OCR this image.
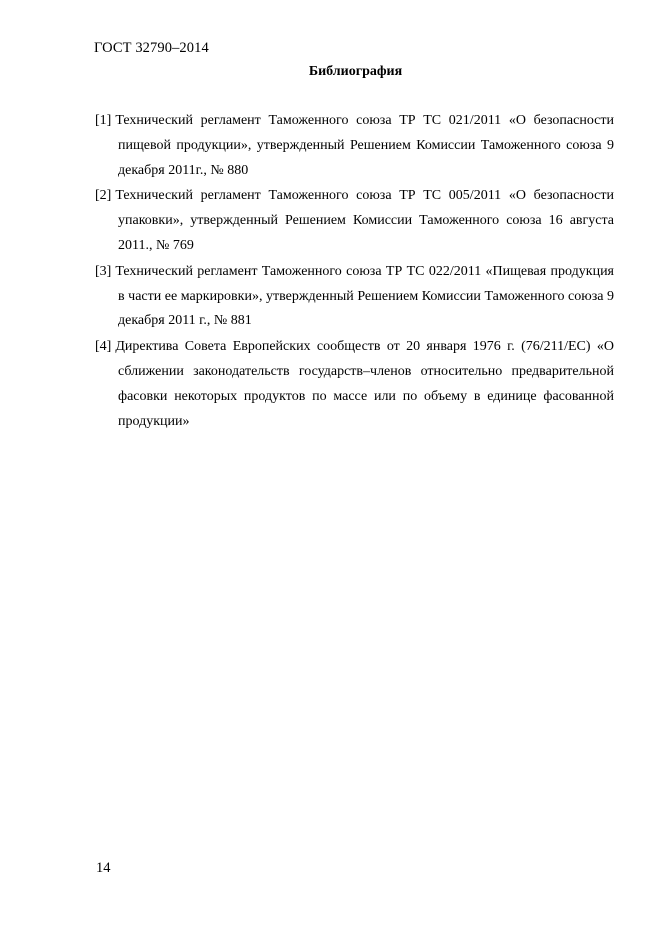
ГОСТ 32790–2014
Библиография
[1] Технический регламент Таможенного союза ТР ТС 021/2011 «О безопасности пищевой продукции», утвержденный Решением Комиссии Таможенного союза 9 декабря 2011г., № 880
[2] Технический регламент Таможенного союза ТР ТС 005/2011 «О безопасности упаковки», утвержденный Решением Комиссии Таможенного союза 16 августа 2011., № 769
[3] Технический регламент Таможенного союза ТР ТС 022/2011 «Пищевая продукция в части ее маркировки», утвержденный Решением Комиссии Таможенного союза 9 декабря 2011 г., № 881
[4] Директива Совета Европейских сообществ от 20 января 1976 г. (76/211/ЕС) «О сближении законодательств государств–членов относительно предварительной фасовки некоторых продуктов по массе или по объему в единице фасованной продукции»
14
